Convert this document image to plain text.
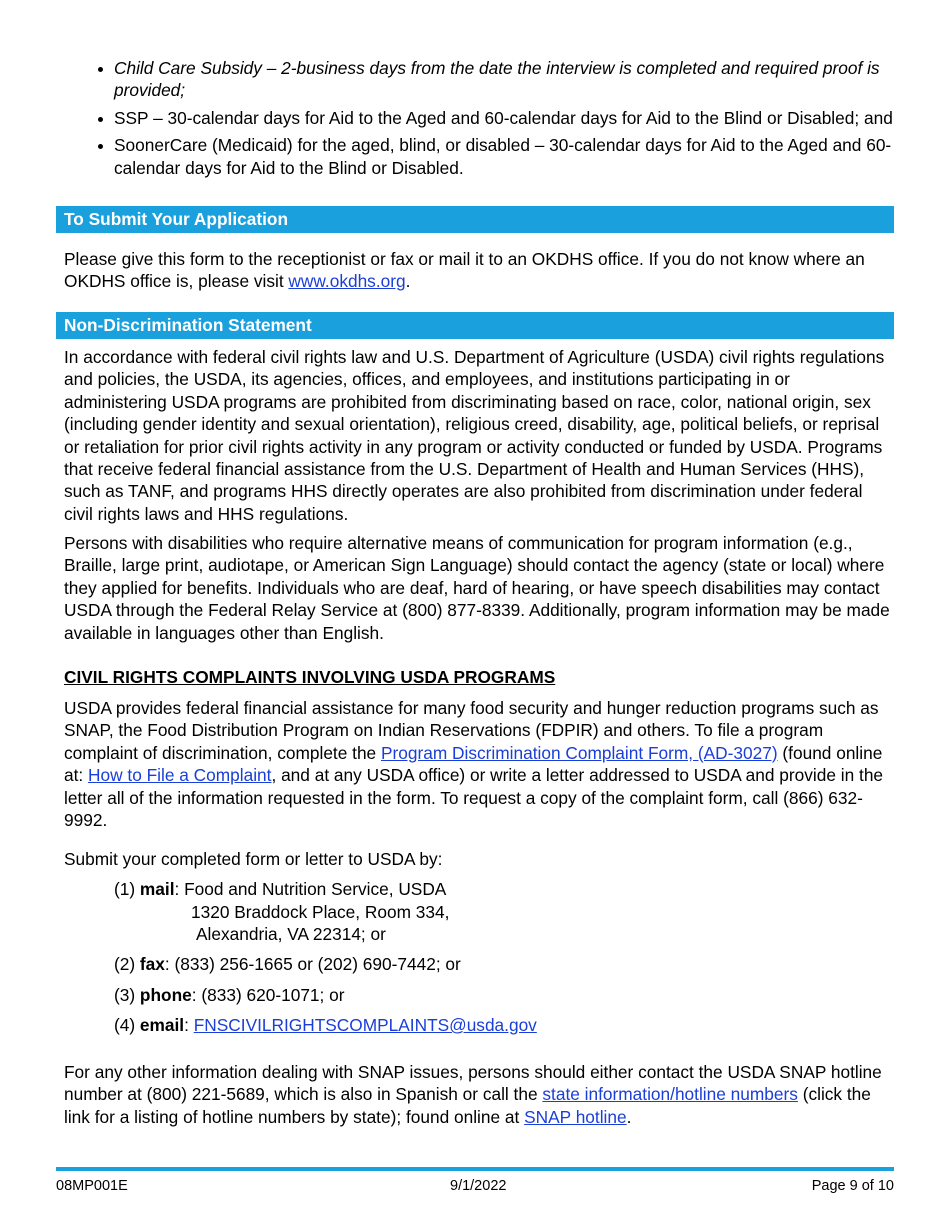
Child Care Subsidy – 2-business days from the date the interview is completed and required proof is provided;
SSP – 30-calendar days for Aid to the Aged and 60-calendar days for Aid to the Blind or Disabled; and
SoonerCare (Medicaid) for the aged, blind, or disabled – 30-calendar days for Aid to the Aged and 60-calendar days for Aid to the Blind or Disabled.
To Submit Your Application

Please give this form to the receptionist or fax or mail it to an OKDHS office. If you do not know where an OKDHS office is, please visit www.okdhs.org.

Non-Discrimination Statement

In accordance with federal civil rights law and U.S. Department of Agriculture (USDA) civil rights regulations and policies, the USDA, its agencies, offices, and employees, and institutions participating in or administering USDA programs are prohibited from discriminating based on race, color, national origin, sex (including gender identity and sexual orientation), religious creed, disability, age, political beliefs, or reprisal or retaliation for prior civil rights activity in any program or activity conducted or funded by USDA. Programs that receive federal financial assistance from the U.S. Department of Health and Human Services (HHS), such as TANF, and programs HHS directly operates are also prohibited from discrimination under federal civil rights laws and HHS regulations.

Persons with disabilities who require alternative means of communication for program information (e.g., Braille, large print, audiotape, or American Sign Language) should contact the agency (state or local) where they applied for benefits. Individuals who are deaf, hard of hearing, or have speech disabilities may contact USDA through the Federal Relay Service at (800) 877-8339. Additionally, program information may be made available in languages other than English.

CIVIL RIGHTS COMPLAINTS INVOLVING USDA PROGRAMS

USDA provides federal financial assistance for many food security and hunger reduction programs such as SNAP, the Food Distribution Program on Indian Reservations (FDPIR) and others. To file a program complaint of discrimination, complete the Program Discrimination Complaint Form, (AD-3027) (found online at: How to File a Complaint, and at any USDA office) or write a letter addressed to USDA and provide in the letter all of the information requested in the form. To request a copy of the complaint form, call (866) 632-9992.

Submit your completed form or letter to USDA by:

(1) mail: Food and Nutrition Service, USDA
1320 Braddock Place, Room 334,
Alexandria, VA 22314; or
(2) fax: (833) 256-1665 or (202) 690-7442; or
(3) phone: (833) 620-1071; or
(4) email: FNSCIVILRIGHTSCOMPLAINTS@usda.gov

For any other information dealing with SNAP issues, persons should either contact the USDA SNAP hotline number at (800) 221-5689, which is also in Spanish or call the state information/hotline numbers (click the link for a listing of hotline numbers by state); found online at SNAP hotline.

08MP001E	9/1/2022	Page 9 of 10
